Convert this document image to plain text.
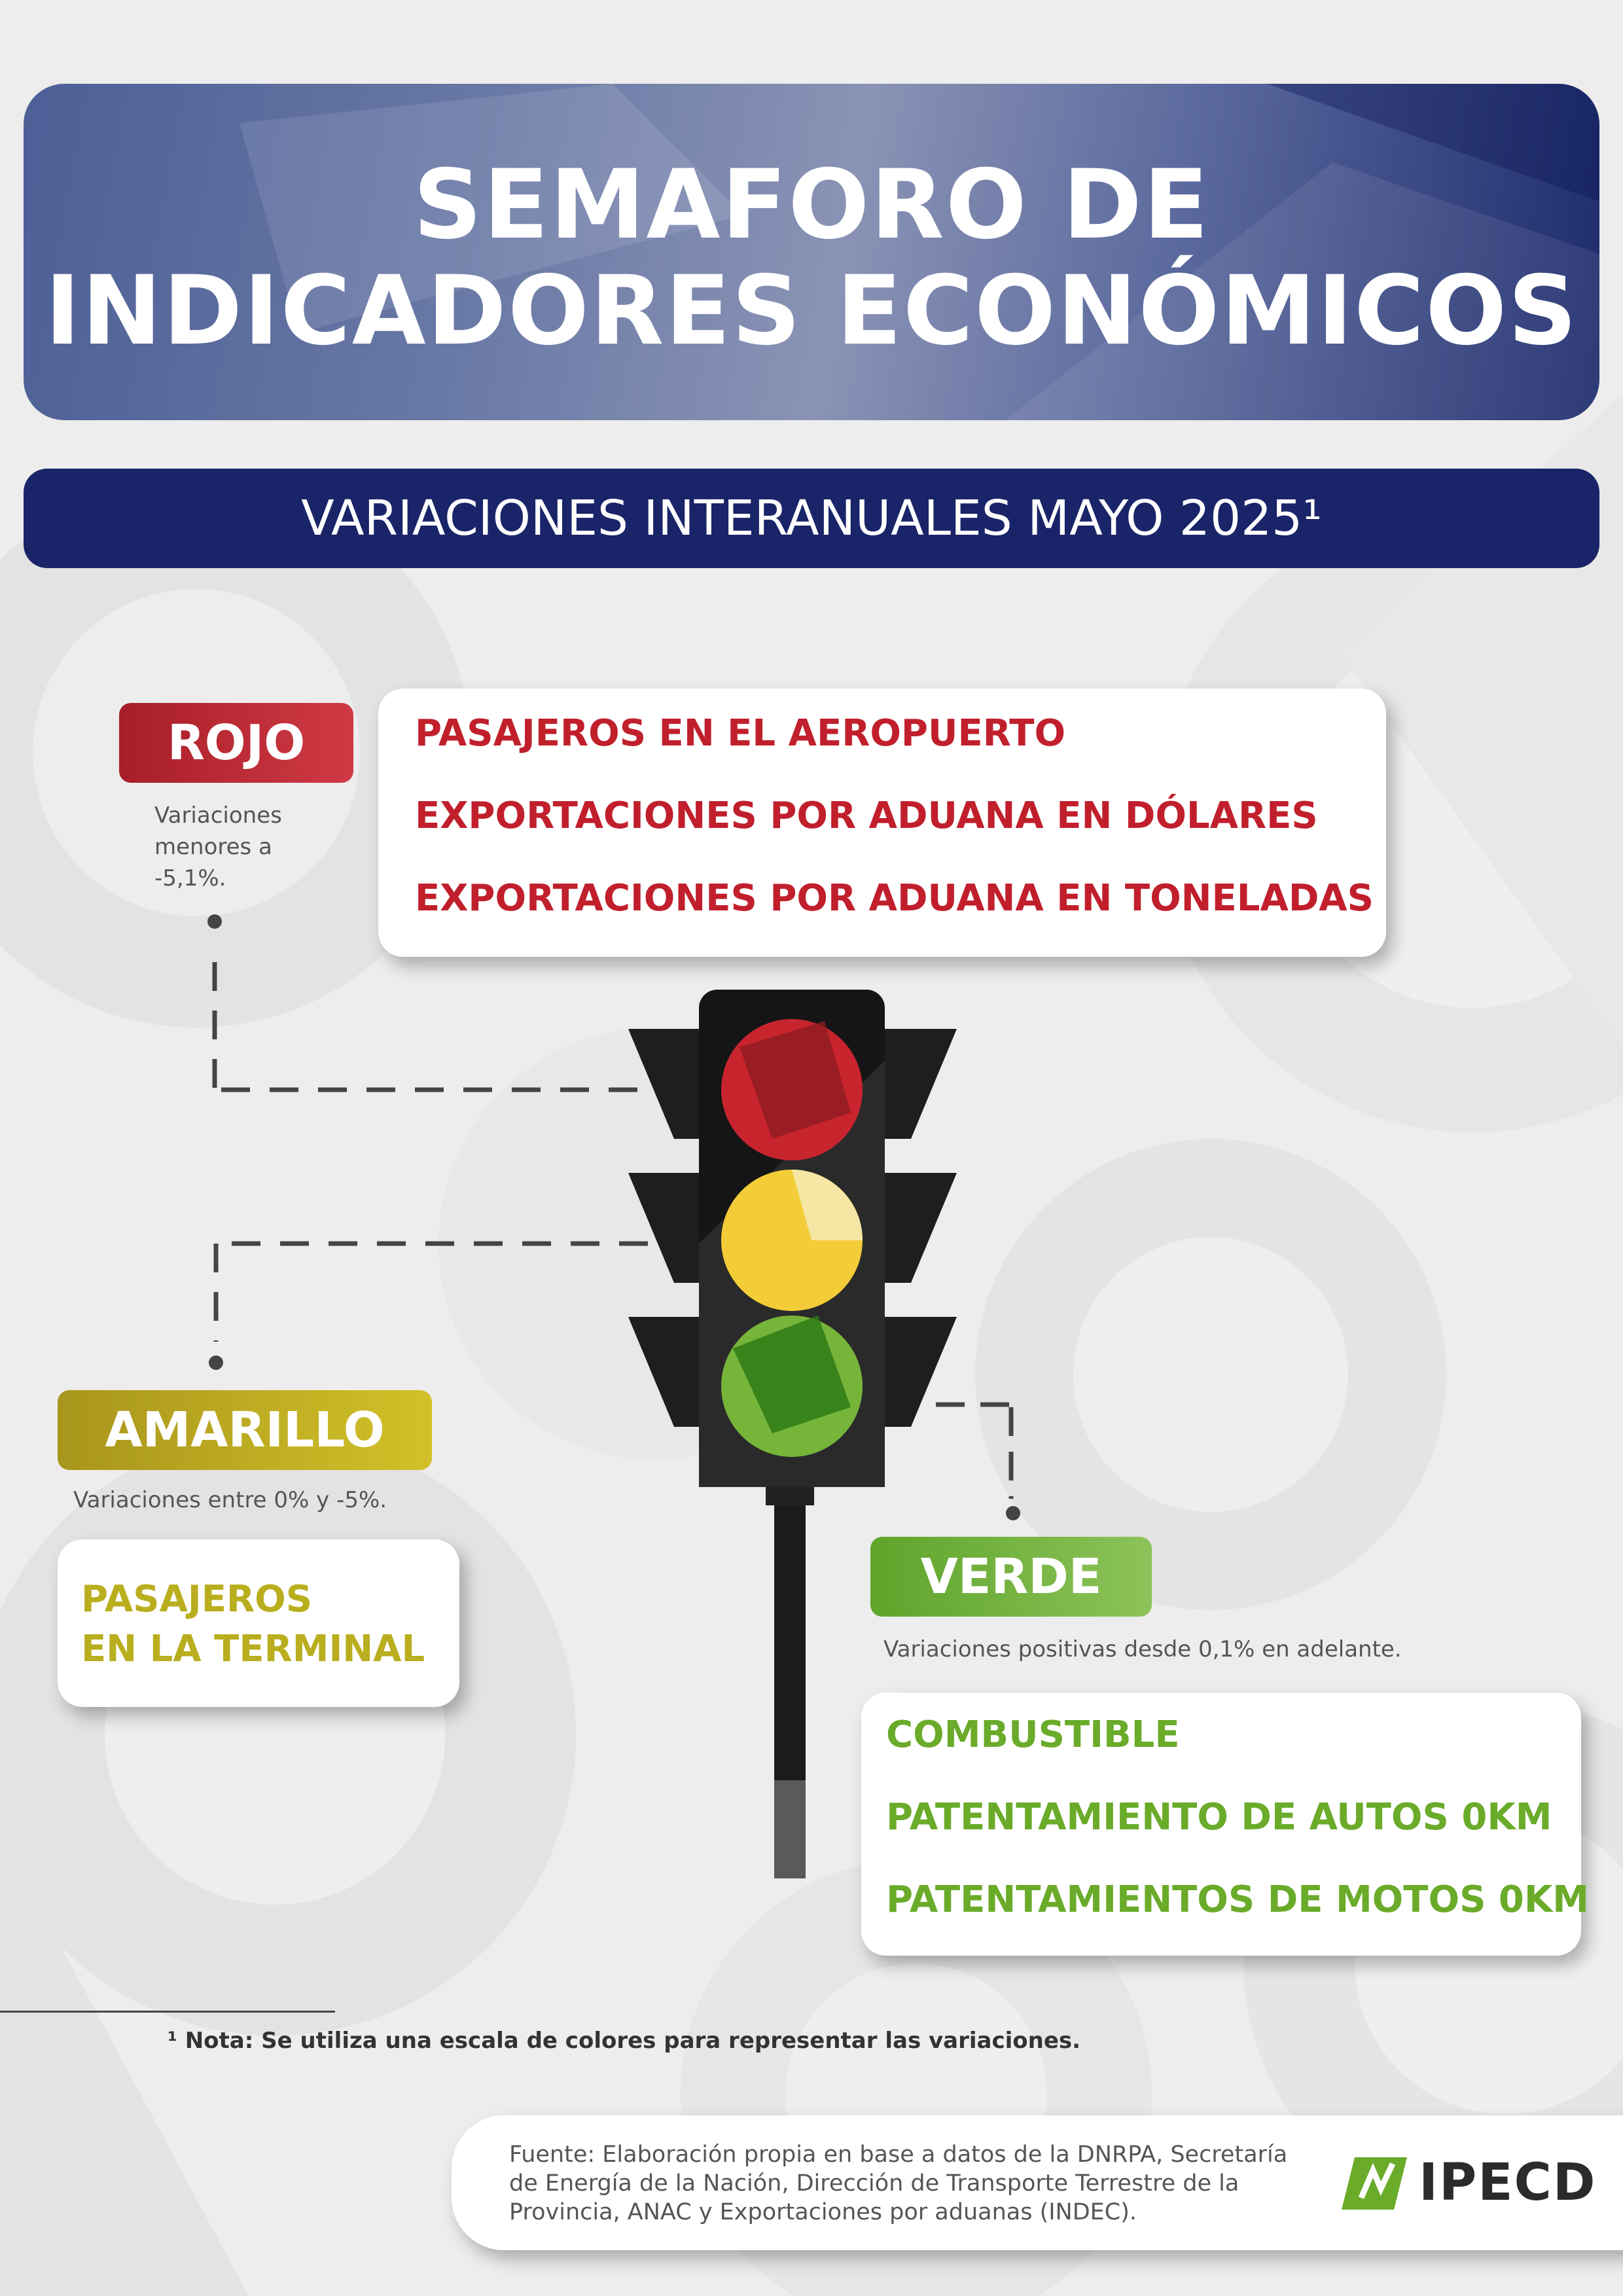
SEMAFORO DE
INDICADORES ECONÓMICOS
VARIACIONES INTERANUALES MAYO 2025¹
ROJO
Variaciones
menores a
-5,1%.
PASAJEROS EN EL AEROPUERTO
EXPORTACIONES POR ADUANA EN DÓLARES
EXPORTACIONES POR ADUANA EN TONELADAS
AMARILLO
Variaciones entre 0% y -5%.
PASAJEROS
EN LA TERMINAL
VERDE
Variaciones positivas desde 0,1% en adelante.
COMBUSTIBLE
PATENTAMIENTO DE AUTOS 0KM
PATENTAMIENTOS DE MOTOS 0KM
¹ Nota: Se utiliza una escala de colores para representar las variaciones.
Fuente: Elaboración propia en base a datos de la DNRPA, Secretaría
de Energía de la Nación, Dirección de Transporte Terrestre de la
Provincia, ANAC y Exportaciones por aduanas (INDEC).	IPECD
